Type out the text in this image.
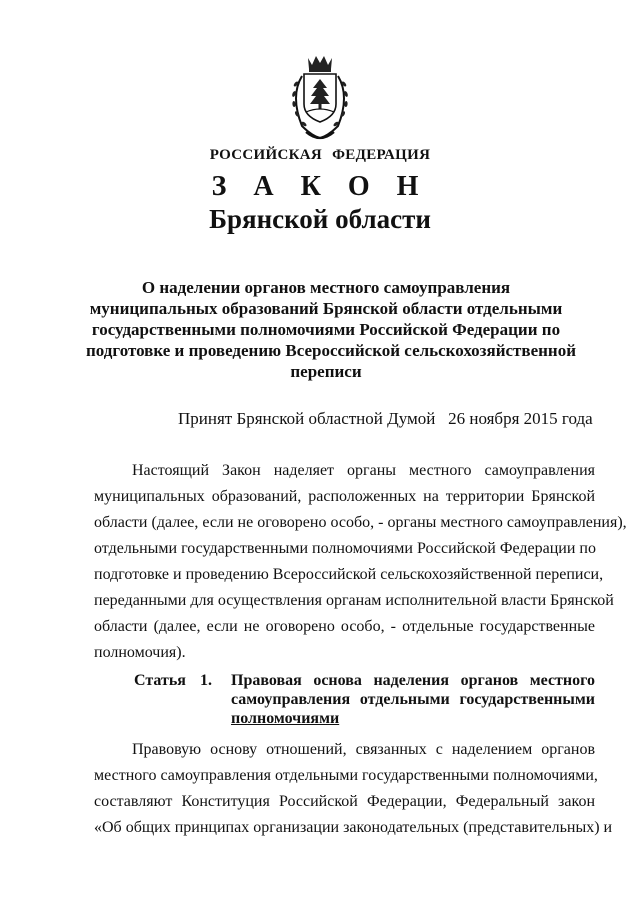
РОССИЙСКАЯ ФЕДЕРАЦИЯ
З А К О Н
Брянской области
О наделении органов местного самоуправления
муниципальных образований Брянской области отдельными
государственными полномочиями Российской Федерации по
подготовке и проведению Всероссийской сельскохозяйственной
переписи
Принят Брянской областной Думой   26 ноября 2015 года
Настоящий Закон наделяет органы местного самоуправления
муниципальных образований, расположенных на территории Брянской
области (далее, если не оговорено особо, - органы местного самоуправления),
отдельными государственными полномочиями Российской Федерации по
подготовке и проведению Всероссийской сельскохозяйственной переписи,
переданными для осуществления органам исполнительной власти Брянской
области (далее, если не оговорено особо, - отдельные государственные
полномочия).
Статья 1. Правовая основа наделения органов местного
самоуправления отдельными государственными
полномочиями
Правовую основу отношений, связанных с наделением органов
местного самоуправления отдельными государственными полномочиями,
составляют Конституция Российской Федерации, Федеральный закон
«Об общих принципах организации законодательных (представительных) и
